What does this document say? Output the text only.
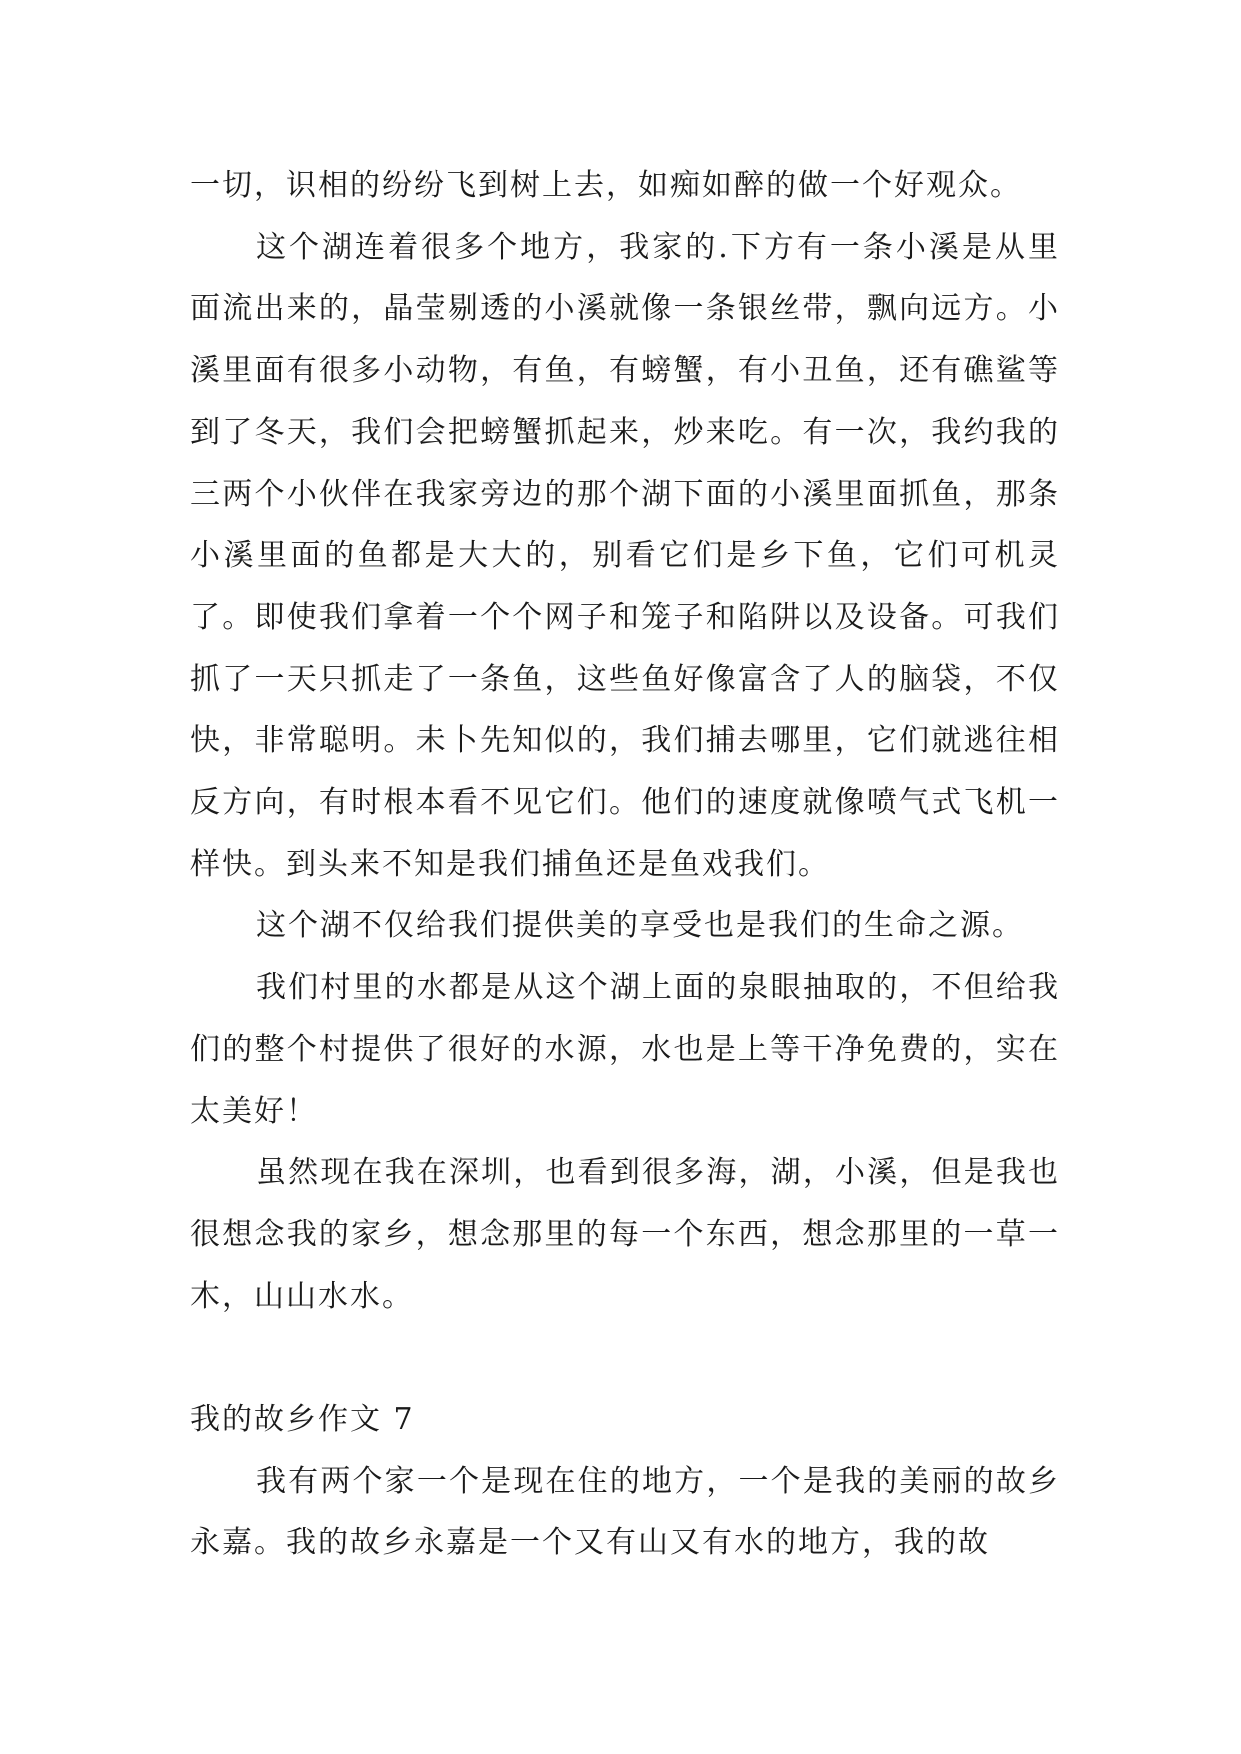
一切，识相的纷纷飞到树上去，如痴如醉的做一个好观众。

这个湖连着很多个地方，我家的.下方有一条小溪是从里面流出来的，晶莹剔透的小溪就像一条银丝带，飘向远方。小溪里面有很多小动物，有鱼，有螃蟹，有小丑鱼，还有礁鲨等到了冬天，我们会把螃蟹抓起来，炒来吃。有一次，我约我的三两个小伙伴在我家旁边的那个湖下面的小溪里面抓鱼，那条小溪里面的鱼都是大大的，别看它们是乡下鱼，它们可机灵了。即使我们拿着一个个网子和笼子和陷阱以及设备。可我们抓了一天只抓走了一条鱼，这些鱼好像富含了人的脑袋，不仅快，非常聪明。未卜先知似的，我们捕去哪里，它们就逃往相反方向，有时根本看不见它们。他们的速度就像喷气式飞机一样快。到头来不知是我们捕鱼还是鱼戏我们。

这个湖不仅给我们提供美的享受也是我们的生命之源。

我们村里的水都是从这个湖上面的泉眼抽取的，不但给我们的整个村提供了很好的水源，水也是上等干净免费的，实在太美好！

虽然现在我在深圳，也看到很多海，湖，小溪，但是我也很想念我的家乡，想念那里的每一个东西，想念那里的一草一木，山山水水。

我的故乡作文 7

我有两个家一个是现在住的地方，一个是我的美丽的故乡永嘉。我的故乡永嘉是一个又有山又有水的地方，我的故
